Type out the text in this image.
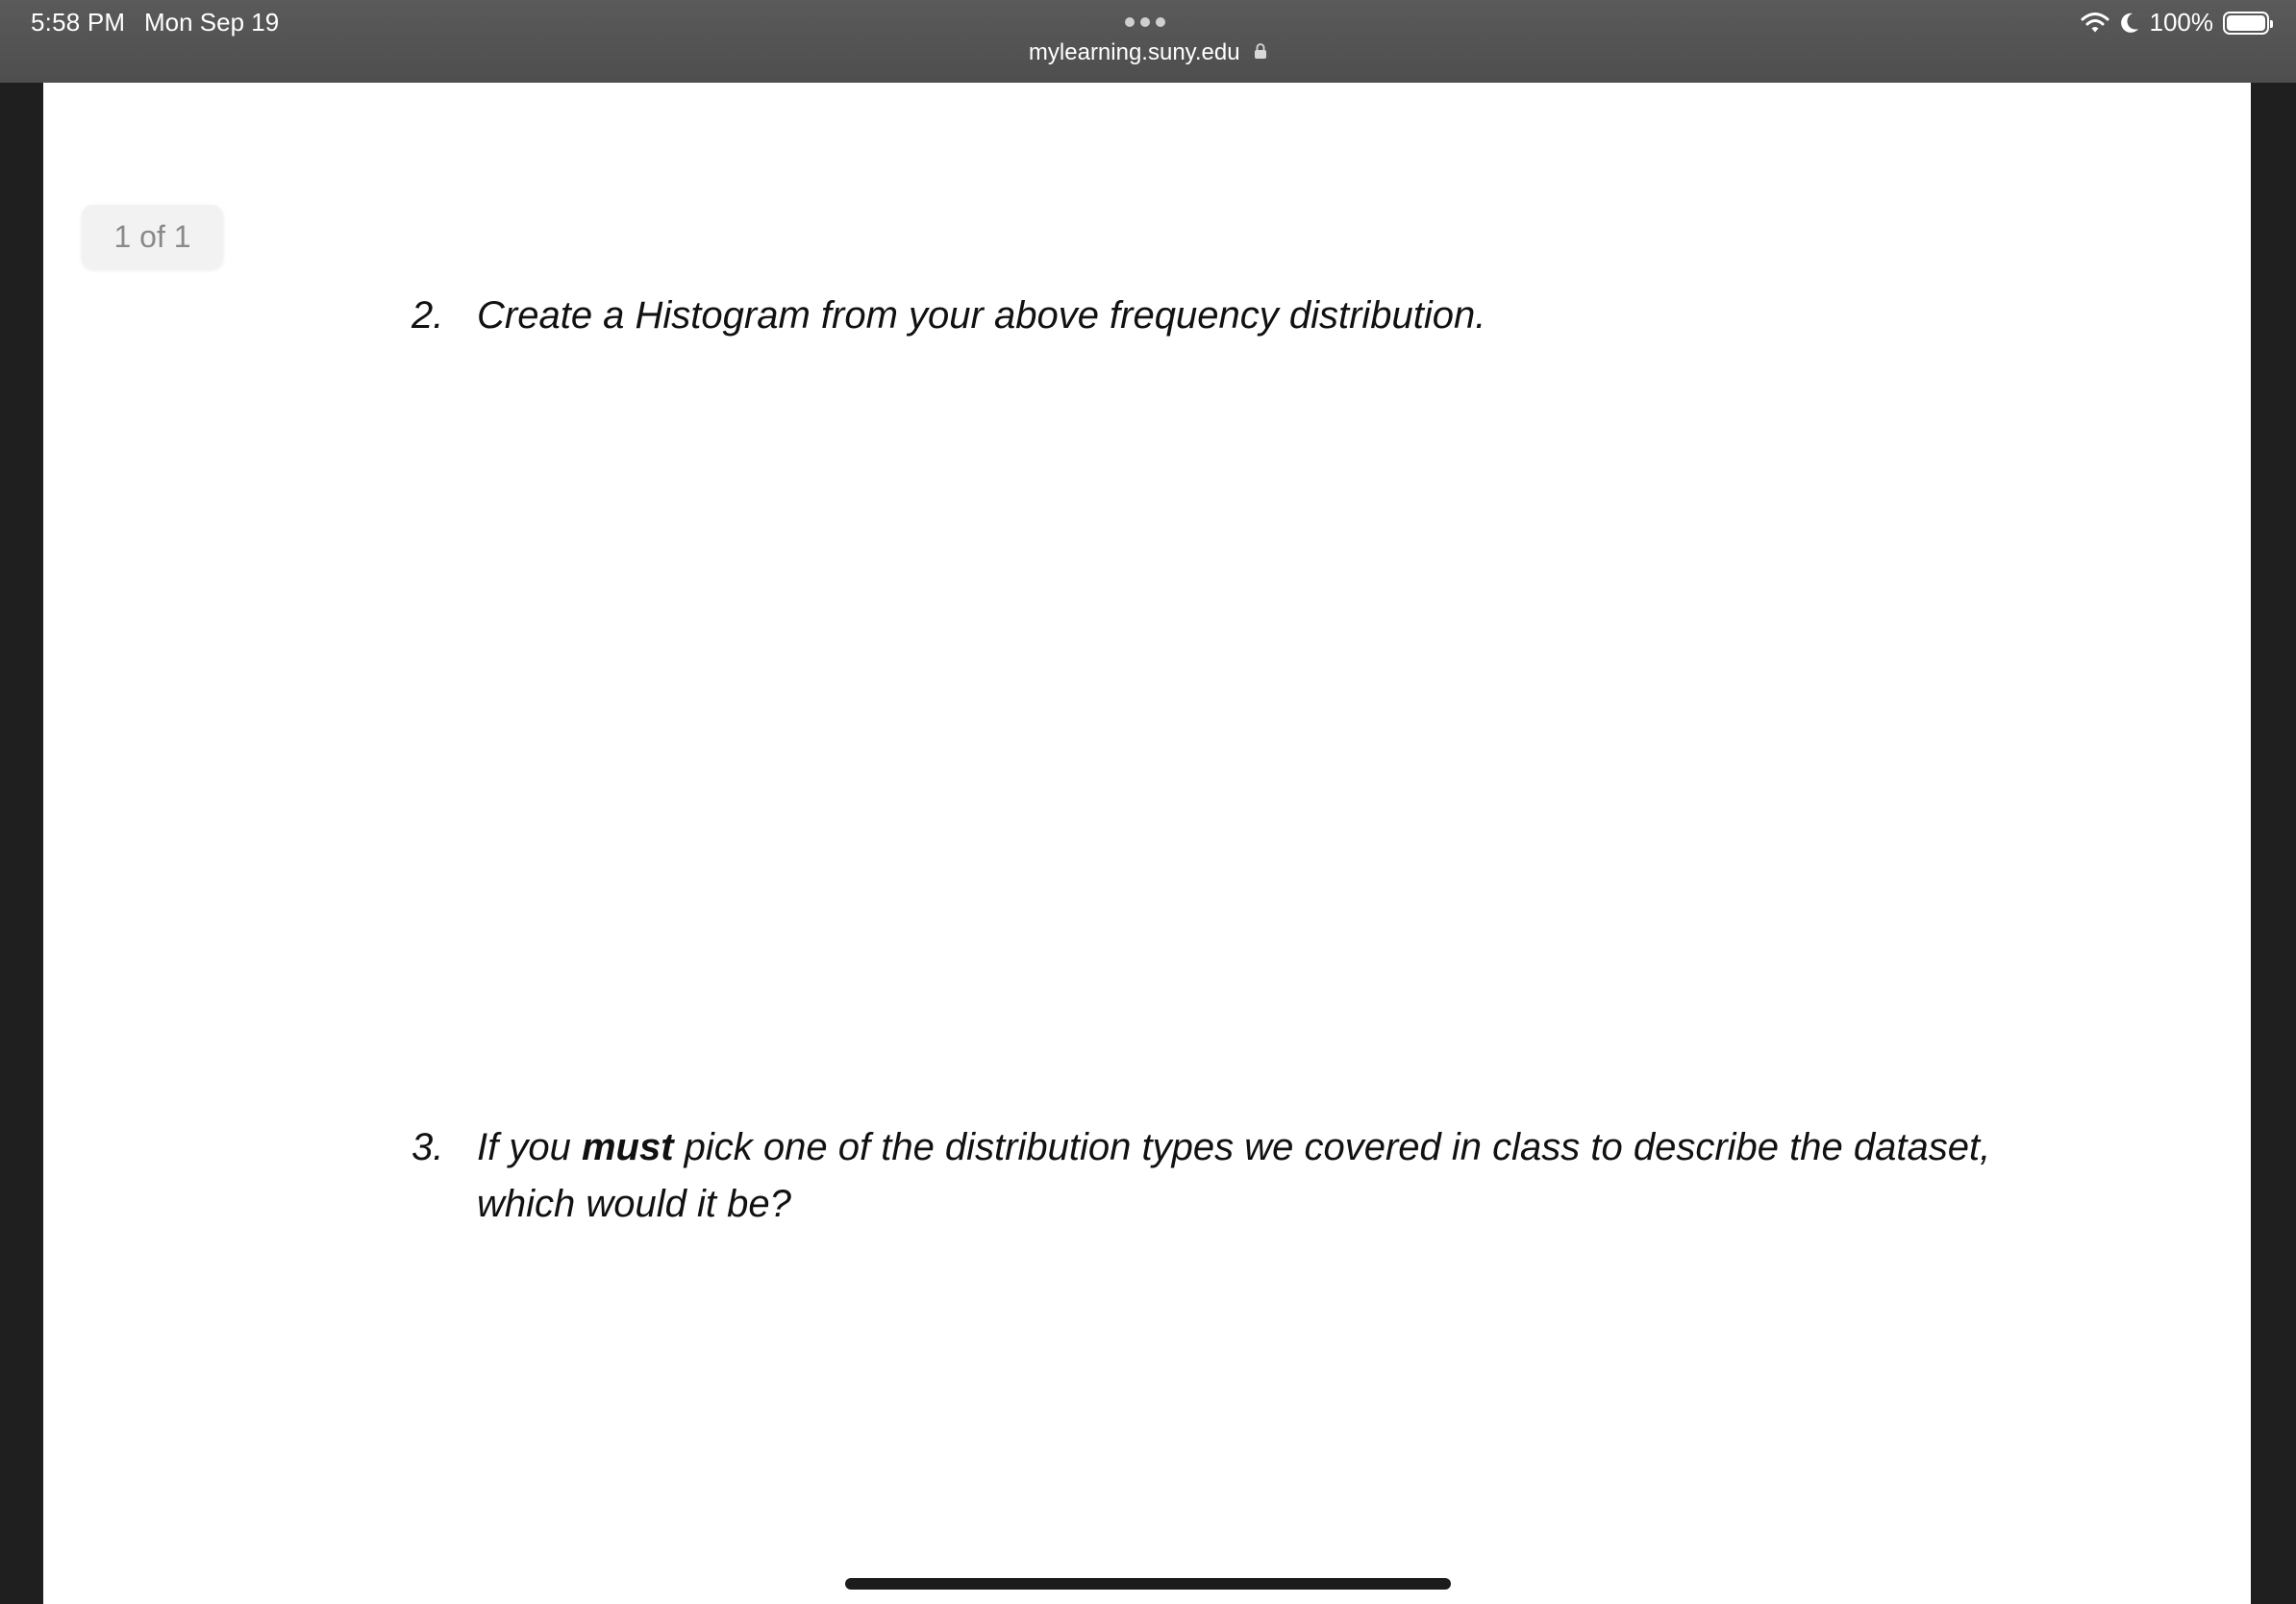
5:58 PM Mon Sep 19
mylearning.suny.edu
100%
1 of 1
2. Create a Histogram from your above frequency distribution.
3. If you must pick one of the distribution types we covered in class to describe the dataset,
which would it be?
